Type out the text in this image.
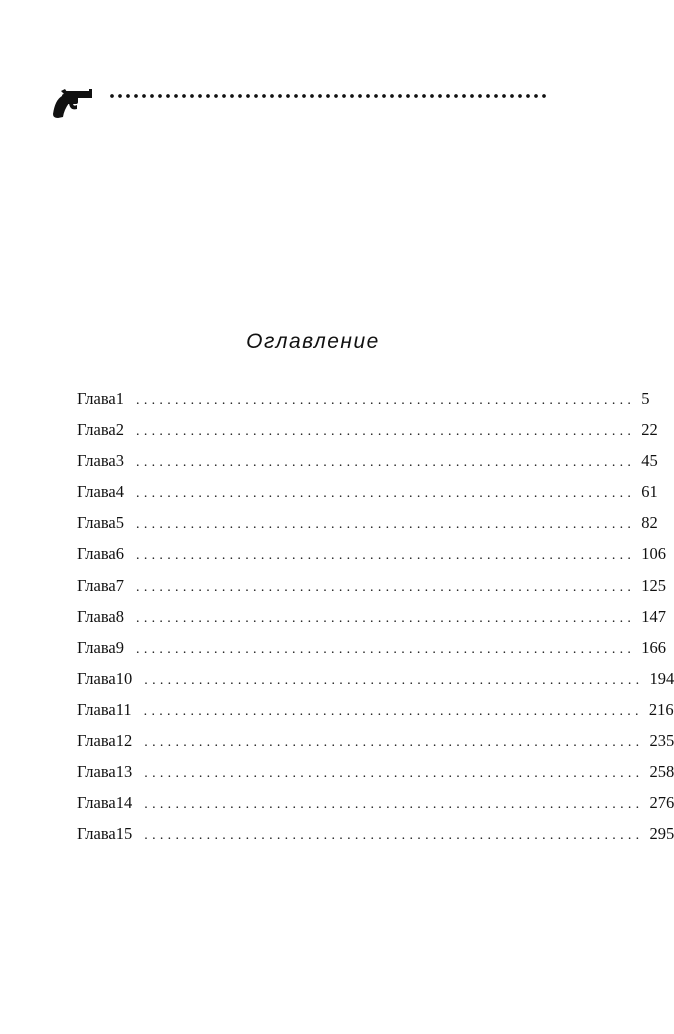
Оглавление
Глава 1 ................................................................ 5
Глава 2 ................................................................ 22
Глава 3 ................................................................ 45
Глава 4 ................................................................ 61
Глава 5 ................................................................ 82
Глава 6 ................................................................ 106
Глава 7 ................................................................ 125
Глава 8 ................................................................ 147
Глава 9 ................................................................ 166
Глава 10 ................................................................ 194
Глава 11 ................................................................ 216
Глава 12 ................................................................ 235
Глава 13 ................................................................ 258
Глава 14 ................................................................ 276
Глава 15 ................................................................ 295
